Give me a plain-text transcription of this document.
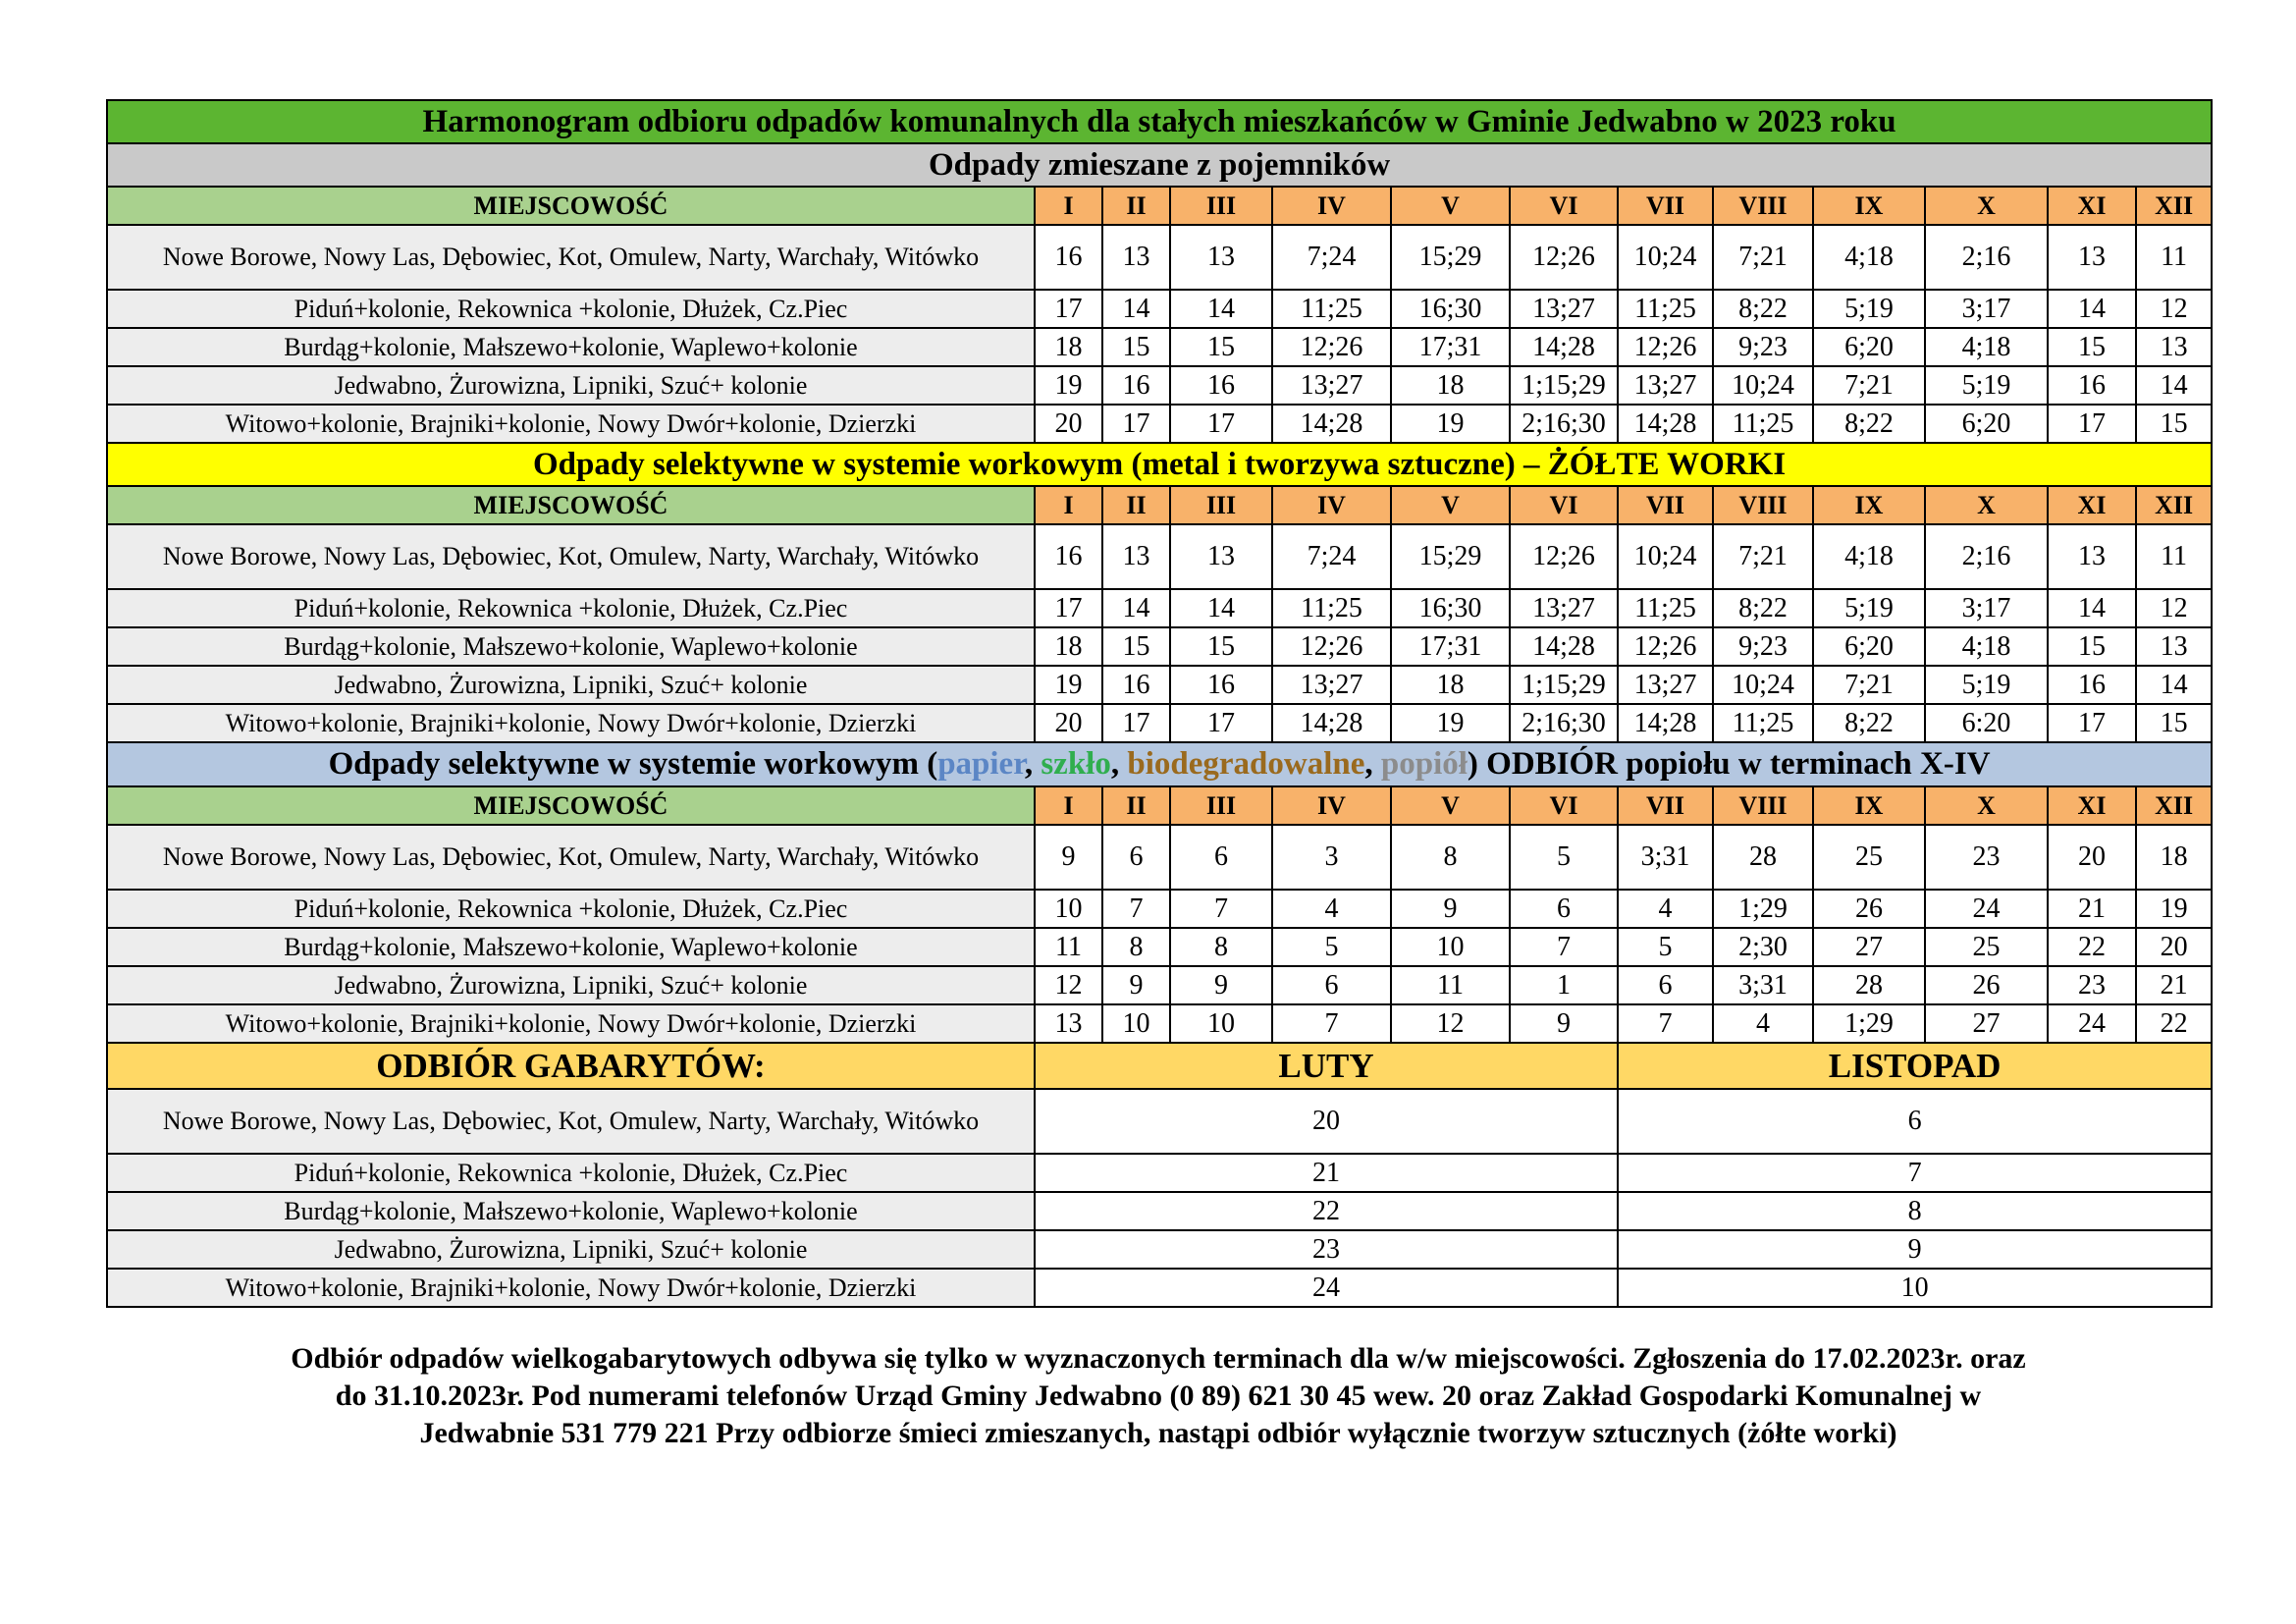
Harmonogram odbioru odpadów komunalnych dla stałych mieszkańców w Gminie Jedwabno w 2023 roku												
Odpady zmieszane z pojemników												
MIEJSCOWOŚĆ	I	II	III	IV	V	VI	VII	VIII	IX	X	XI	XII
Nowe Borowe, Nowy Las, Dębowiec, Kot, Omulew, Narty, Warchały, Witówko	16	13	13	7;24	15;29	12;26	10;24	7;21	4;18	2;16	13	11
Piduń+kolonie, Rekownica +kolonie, Dłużek, Cz.Piec	17	14	14	11;25	16;30	13;27	11;25	8;22	5;19	3;17	14	12
Burdąg+kolonie, Małszewo+kolonie, Waplewo+kolonie	18	15	15	12;26	17;31	14;28	12;26	9;23	6;20	4;18	15	13
Jedwabno, Żurowizna, Lipniki, Szuć+ kolonie	19	16	16	13;27	18	1;15;29	13;27	10;24	7;21	5;19	16	14
Witowo+kolonie, Brajniki+kolonie, Nowy Dwór+kolonie, Dzierzki	20	17	17	14;28	19	2;16;30	14;28	11;25	8;22	6;20	17	15
Odpady selektywne w systemie workowym (metal i tworzywa sztuczne) – ŻÓŁTE WORKI												
MIEJSCOWOŚĆ	I	II	III	IV	V	VI	VII	VIII	IX	X	XI	XII
Nowe Borowe, Nowy Las, Dębowiec, Kot, Omulew, Narty, Warchały, Witówko	16	13	13	7;24	15;29	12;26	10;24	7;21	4;18	2;16	13	11
Piduń+kolonie, Rekownica +kolonie, Dłużek, Cz.Piec	17	14	14	11;25	16;30	13;27	11;25	8;22	5;19	3;17	14	12
Burdąg+kolonie, Małszewo+kolonie, Waplewo+kolonie	18	15	15	12;26	17;31	14;28	12;26	9;23	6;20	4;18	15	13
Jedwabno, Żurowizna, Lipniki, Szuć+ kolonie	19	16	16	13;27	18	1;15;29	13;27	10;24	7;21	5;19	16	14
Witowo+kolonie, Brajniki+kolonie, Nowy Dwór+kolonie, Dzierzki	20	17	17	14;28	19	2;16;30	14;28	11;25	8;22	6:20	17	15
Odpady selektywne w systemie workowym (papier, szkło, biodegradowalne, popiół) ODBIÓR popiołu w terminach X-IV												
MIEJSCOWOŚĆ	I	II	III	IV	V	VI	VII	VIII	IX	X	XI	XII
Nowe Borowe, Nowy Las, Dębowiec, Kot, Omulew, Narty, Warchały, Witówko	9	6	6	3	8	5	3;31	28	25	23	20	18
Piduń+kolonie, Rekownica +kolonie, Dłużek, Cz.Piec	10	7	7	4	9	6	4	1;29	26	24	21	19
Burdąg+kolonie, Małszewo+kolonie, Waplewo+kolonie	11	8	8	5	10	7	5	2;30	27	25	22	20
Jedwabno, Żurowizna, Lipniki, Szuć+ kolonie	12	9	9	6	11	1	6	3;31	28	26	23	21
Witowo+kolonie, Brajniki+kolonie, Nowy Dwór+kolonie, Dzierzki	13	10	10	7	12	9	7	4	1;29	27	24	22
ODBIÓR GABARYTÓW:	LUTY						LISTOPAD					
Nowe Borowe, Nowy Las, Dębowiec, Kot, Omulew, Narty, Warchały, Witówko	20						6					
Piduń+kolonie, Rekownica +kolonie, Dłużek, Cz.Piec	21						7					
Burdąg+kolonie, Małszewo+kolonie, Waplewo+kolonie	22						8					
Jedwabno, Żurowizna, Lipniki, Szuć+ kolonie	23						9					
Witowo+kolonie, Brajniki+kolonie, Nowy Dwór+kolonie, Dzierzki	24						10					
Odbiór odpadów wielkogabarytowych odbywa się tylko w wyznaczonych terminach dla w/w miejscowości. Zgłoszenia do 17.02.2023r. oraz
do 31.10.2023r. Pod numerami telefonów Urząd Gminy Jedwabno (0 89) 621 30 45 wew. 20 oraz Zakład Gospodarki Komunalnej w
Jedwabnie 531 779 221 Przy odbiorze śmieci zmieszanych, nastąpi odbiór wyłącznie tworzyw sztucznych (żółte worki)
